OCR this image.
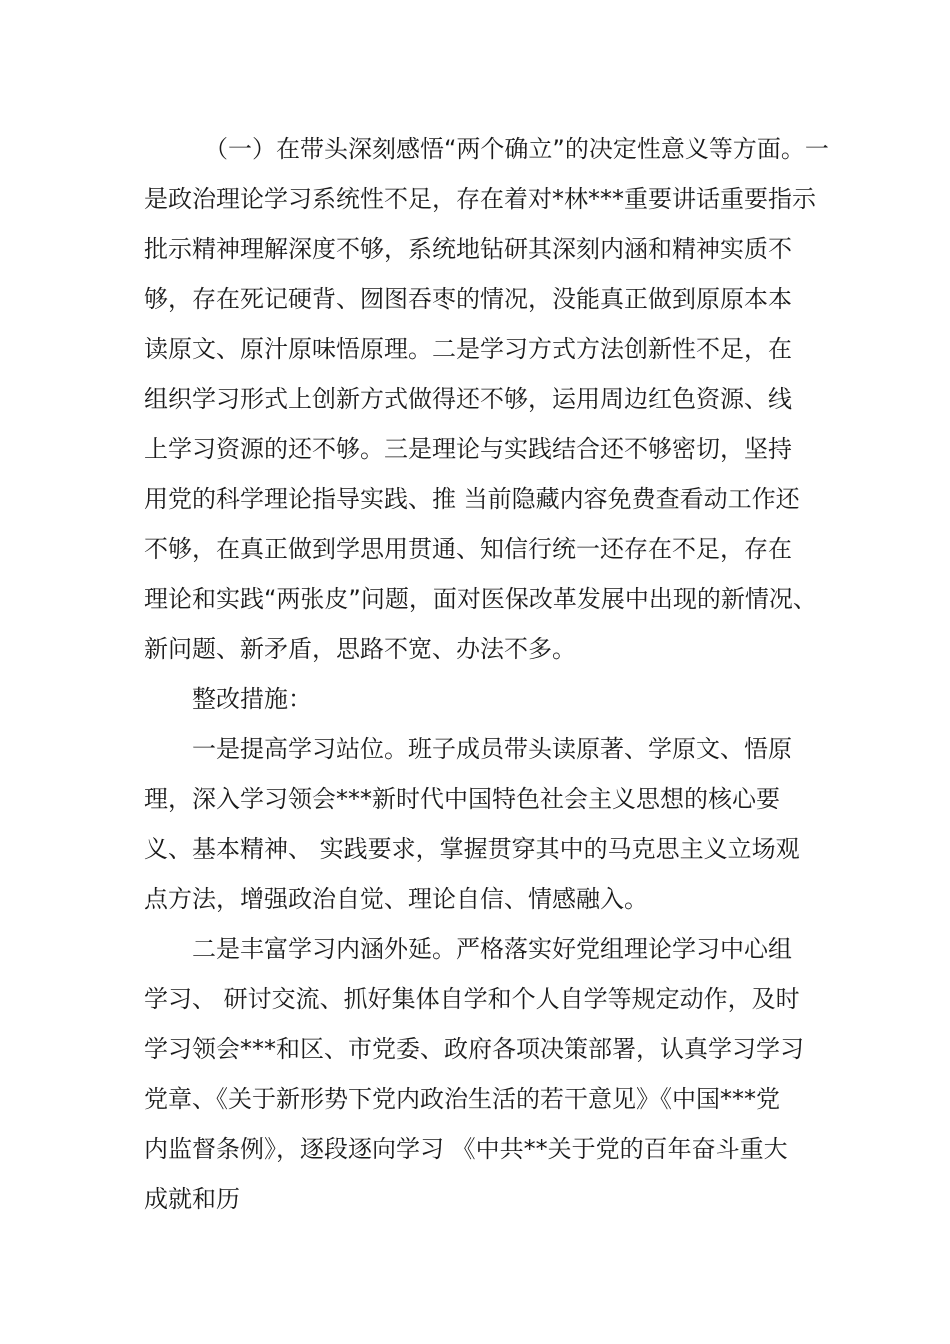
（一）在带头深刻感悟“两个确立”的决定性意义等方面。一
是政治理论学习系统性不足，存在着对*林***重要讲话重要指示
批示精神理解深度不够，系统地钻研其深刻内涵和精神实质不
够，存在死记硬背、囫图吞枣的情况，没能真正做到原原本本
读原文、原汁原味悟原理。二是学习方式方法创新性不足，在
组织学习形式上创新方式做得还不够，运用周边红色资源、线
上学习资源的还不够。三是理论与实践结合还不够密切，坚持
用党的科学理论指导实践、推 当前隐藏内容免费查看动工作还
不够，在真正做到学思用贯通、知信行统一还存在不足，存在
理论和实践“两张皮”问题，面对医保改革发展中出现的新情况、
新问题、新矛盾，思路不宽、办法不多。
整改措施：
一是提高学习站位。班子成员带头读原著、学原文、悟原
理，深入学习领会***新时代中国特色社会主义思想的核心要
义、基本精神、 实践要求，掌握贯穿其中的马克思主义立场观
点方法，增强政治自觉、理论自信、情感融入。
二是丰富学习内涵外延。严格落实好党组理论学习中心组
学习、 研讨交流、抓好集体自学和个人自学等规定动作，及时
学习领会***和区、市党委、政府各项决策部署，认真学习学习
党章、《关于新形势下党内政治生活的若干意见》《中国***党
内监督条例》，逐段逐向学习 《中共**关于党的百年奋斗重大
成就和历
